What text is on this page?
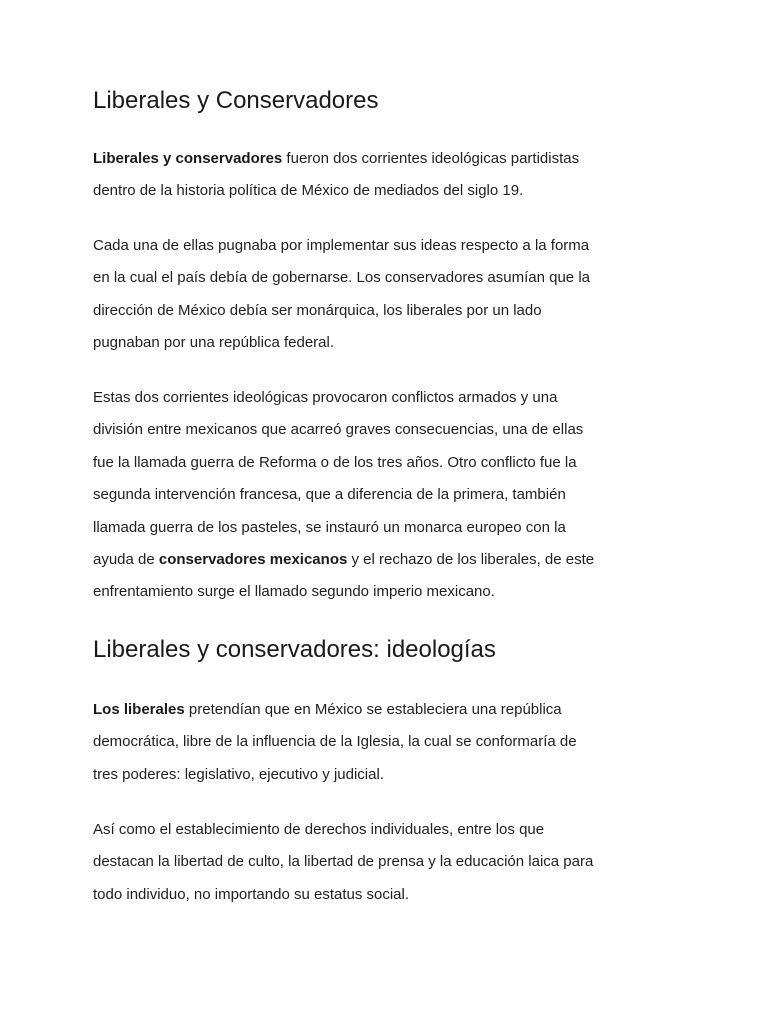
Liberales y Conservadores

Liberales y conservadores fueron dos corrientes ideológicas partidistas
dentro de la historia política de México de mediados del siglo 19.

Cada una de ellas pugnaba por implementar sus ideas respecto a la forma
en la cual el país debía de gobernarse. Los conservadores asumían que la
dirección de México debía ser monárquica, los liberales por un lado
pugnaban por una república federal.

Estas dos corrientes ideológicas provocaron conflictos armados y una
división entre mexicanos que acarreó graves consecuencias, una de ellas
fue la llamada guerra de Reforma o de los tres años. Otro conflicto fue la
segunda intervención francesa, que a diferencia de la primera, también
llamada guerra de los pasteles, se instauró un monarca europeo con la
ayuda de conservadores mexicanos y el rechazo de los liberales, de este
enfrentamiento surge el llamado segundo imperio mexicano.

Liberales y conservadores: ideologías

Los liberales pretendían que en México se estableciera una república
democrática, libre de la influencia de la Iglesia, la cual se conformaría de
tres poderes: legislativo, ejecutivo y judicial.

Así como el establecimiento de derechos individuales, entre los que
destacan la libertad de culto, la libertad de prensa y la educación laica para
todo individuo, no importando su estatus social.
